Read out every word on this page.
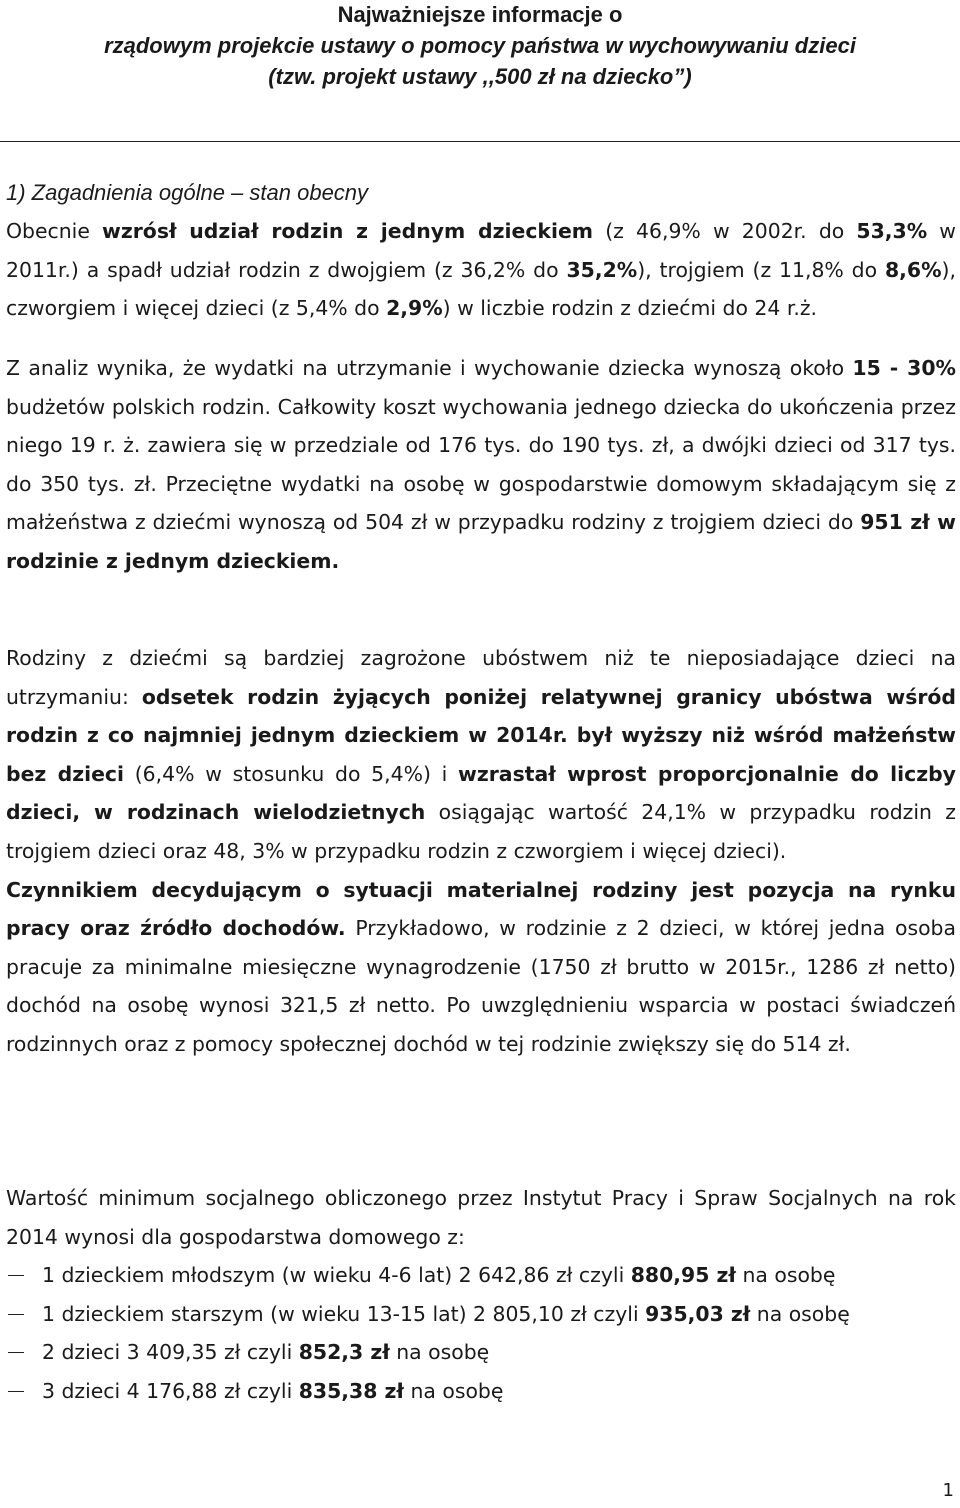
Najważniejsze informacje o
rządowym projekcie ustawy o pomocy państwa w wychowywaniu dzieci
(tzw. projekt ustawy ,,500 zł na dziecko”)
1) Zagadnienia ogólne – stan obecny

Obecnie wzrósł udział rodzin z jednym dzieckiem (z 46,9% w 2002r. do 53,3% w 2011r.) a spadł udział rodzin z dwojgiem (z 36,2% do 35,2%), trojgiem (z 11,8% do 8,6%), czworgiem i więcej dzieci (z 5,4% do 2,9%) w liczbie rodzin z dziećmi do 24 r.ż.

Z analiz wynika, że wydatki na utrzymanie i wychowanie dziecka wynoszą około 15 - 30% budżetów polskich rodzin. Całkowity koszt wychowania jednego dziecka do ukończenia przez niego 19 r. ż. zawiera się w przedziale od 176 tys. do 190 tys. zł, a dwójki dzieci od 317 tys. do 350 tys. zł. Przeciętne wydatki na osobę w gospodarstwie domowym składającym się z małżeństwa z dziećmi wynoszą od 504 zł w przypadku rodziny z trojgiem dzieci do 951 zł w rodzinie z jednym dzieckiem.

Rodziny z dziećmi są bardziej zagrożone ubóstwem niż te nieposiadające dzieci na utrzymaniu: odsetek rodzin żyjących poniżej relatywnej granicy ubóstwa wśród rodzin z co najmniej jednym dzieckiem w 2014r. był wyższy niż wśród małżeństw bez dzieci (6,4% w stosunku do 5,4%) i wzrastał wprost proporcjonalnie do liczby dzieci, w rodzinach wielodzietnych osiągając wartość 24,1% w przypadku rodzin z trojgiem dzieci oraz 48, 3% w przypadku rodzin z czworgiem i więcej dzieci).
Czynnikiem decydującym o sytuacji materialnej rodziny jest pozycja na rynku pracy oraz źródło dochodów. Przykładowo, w rodzinie z 2 dzieci, w której jedna osoba pracuje za minimalne miesięczne wynagrodzenie (1750 zł brutto w 2015r., 1286 zł netto) dochód na osobę wynosi 321,5 zł netto. Po uwzględnieniu wsparcia w postaci świadczeń rodzinnych oraz z pomocy społecznej dochód w tej rodzinie zwiększy się do 514 zł.

Wartość minimum socjalnego obliczonego przez Instytut Pracy i Spraw Socjalnych na rok 2014 wynosi dla gospodarstwa domowego z:

1 dzieckiem młodszym (w wieku 4-6 lat) 2 642,86 zł czyli 880,95 zł na osobę
1 dzieckiem starszym (w wieku 13-15 lat) 2 805,10 zł czyli 935,03 zł na osobę
2 dzieci 3 409,35 zł czyli 852,3 zł na osobę
3 dzieci 4 176,88 zł czyli 835,38 zł na osobę

1
